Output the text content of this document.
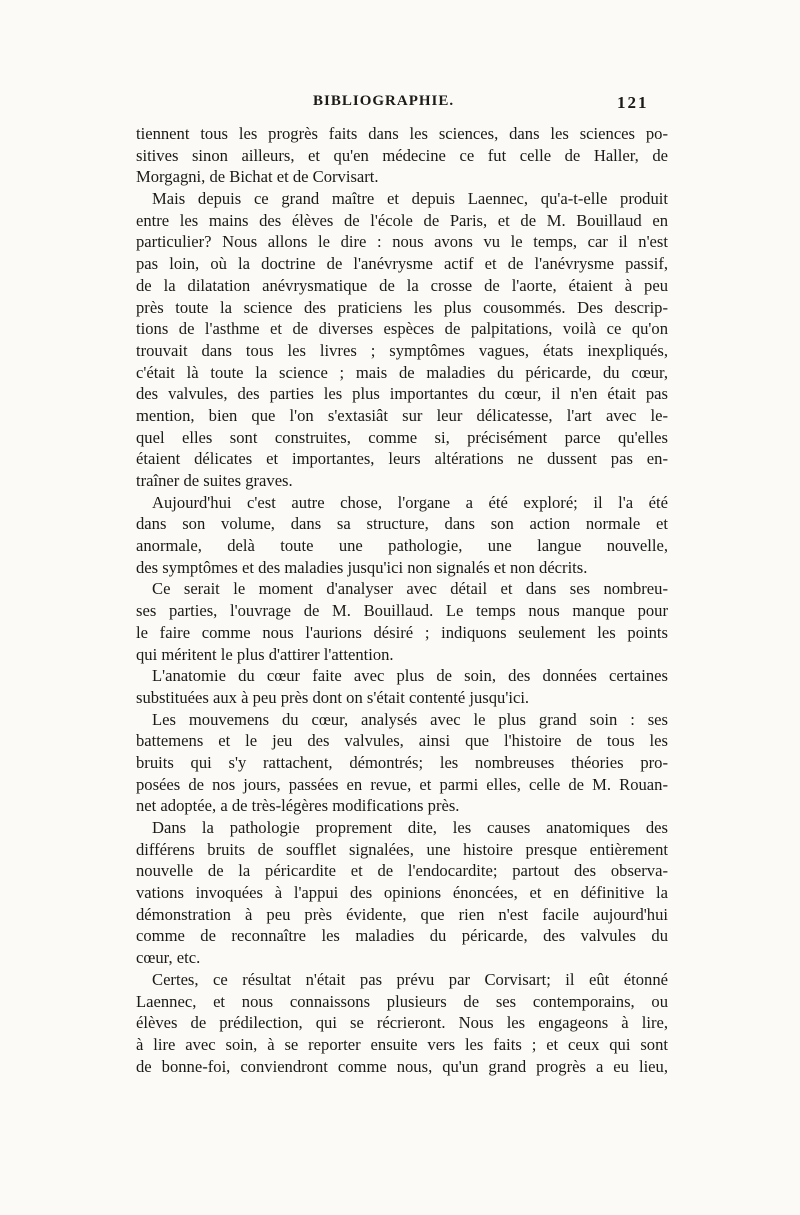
BIBLIOGRAPHIE.	121
tiennent tous les progrès faits dans les sciences, dans les sciences po-
sitives sinon ailleurs, et qu'en médecine ce fut celle de Haller, de
Morgagni, de Bichat et de Corvisart.
Mais depuis ce grand maître et depuis Laennec, qu'a-t-elle produit
entre les mains des élèves de l'école de Paris, et de M. Bouillaud en
particulier? Nous allons le dire : nous avons vu le temps, car il n'est
pas loin, où la doctrine de l'anévrysme actif et de l'anévrysme passif,
de la dilatation anévrysmatique de la crosse de l'aorte, étaient à peu
près toute la science des praticiens les plus cousommés. Des descrip-
tions de l'asthme et de diverses espèces de palpitations, voilà ce qu'on
trouvait dans tous les livres ; symptômes vagues, états inexpliqués,
c'était là toute la science ; mais de maladies du péricarde, du cœur,
des valvules, des parties les plus importantes du cœur, il n'en était pas
mention, bien que l'on s'extasiât sur leur délicatesse, l'art avec le-
quel elles sont construites, comme si, précisément parce qu'elles
étaient délicates et importantes, leurs altérations ne dussent pas en-
traîner de suites graves.
Aujourd'hui c'est autre chose, l'organe a été exploré; il l'a été
dans son volume, dans sa structure, dans son action normale et
anormale, delà toute une pathologie, une langue nouvelle,
des symptômes et des maladies jusqu'ici non signalés et non décrits.
Ce serait le moment d'analyser avec détail et dans ses nombreu-
ses parties, l'ouvrage de M. Bouillaud. Le temps nous manque pour
le faire comme nous l'aurions désiré ; indiquons seulement les points
qui méritent le plus d'attirer l'attention.
L'anatomie du cœur faite avec plus de soin, des données certaines
substituées aux à peu près dont on s'était contenté jusqu'ici.
Les mouvemens du cœur, analysés avec le plus grand soin : ses
battemens et le jeu des valvules, ainsi que l'histoire de tous les
bruits qui s'y rattachent, démontrés; les nombreuses théories pro-
posées de nos jours, passées en revue, et parmi elles, celle de M. Rouan-
net adoptée, a de très-légères modifications près.
Dans la pathologie proprement dite, les causes anatomiques des
différens bruits de soufflet signalées, une histoire presque entièrement
nouvelle de la péricardite et de l'endocardite; partout des observa-
vations invoquées à l'appui des opinions énoncées, et en définitive la
démonstration à peu près évidente, que rien n'est facile aujourd'hui
comme de reconnaître les maladies du péricarde, des valvules du
cœur, etc.
Certes, ce résultat n'était pas prévu par Corvisart; il eût étonné
Laennec, et nous connaissons plusieurs de ses contemporains, ou
élèves de prédilection, qui se récrieront. Nous les engageons à lire,
à lire avec soin, à se reporter ensuite vers les faits ; et ceux qui sont
de bonne-foi, conviendront comme nous, qu'un grand progrès a eu lieu,
